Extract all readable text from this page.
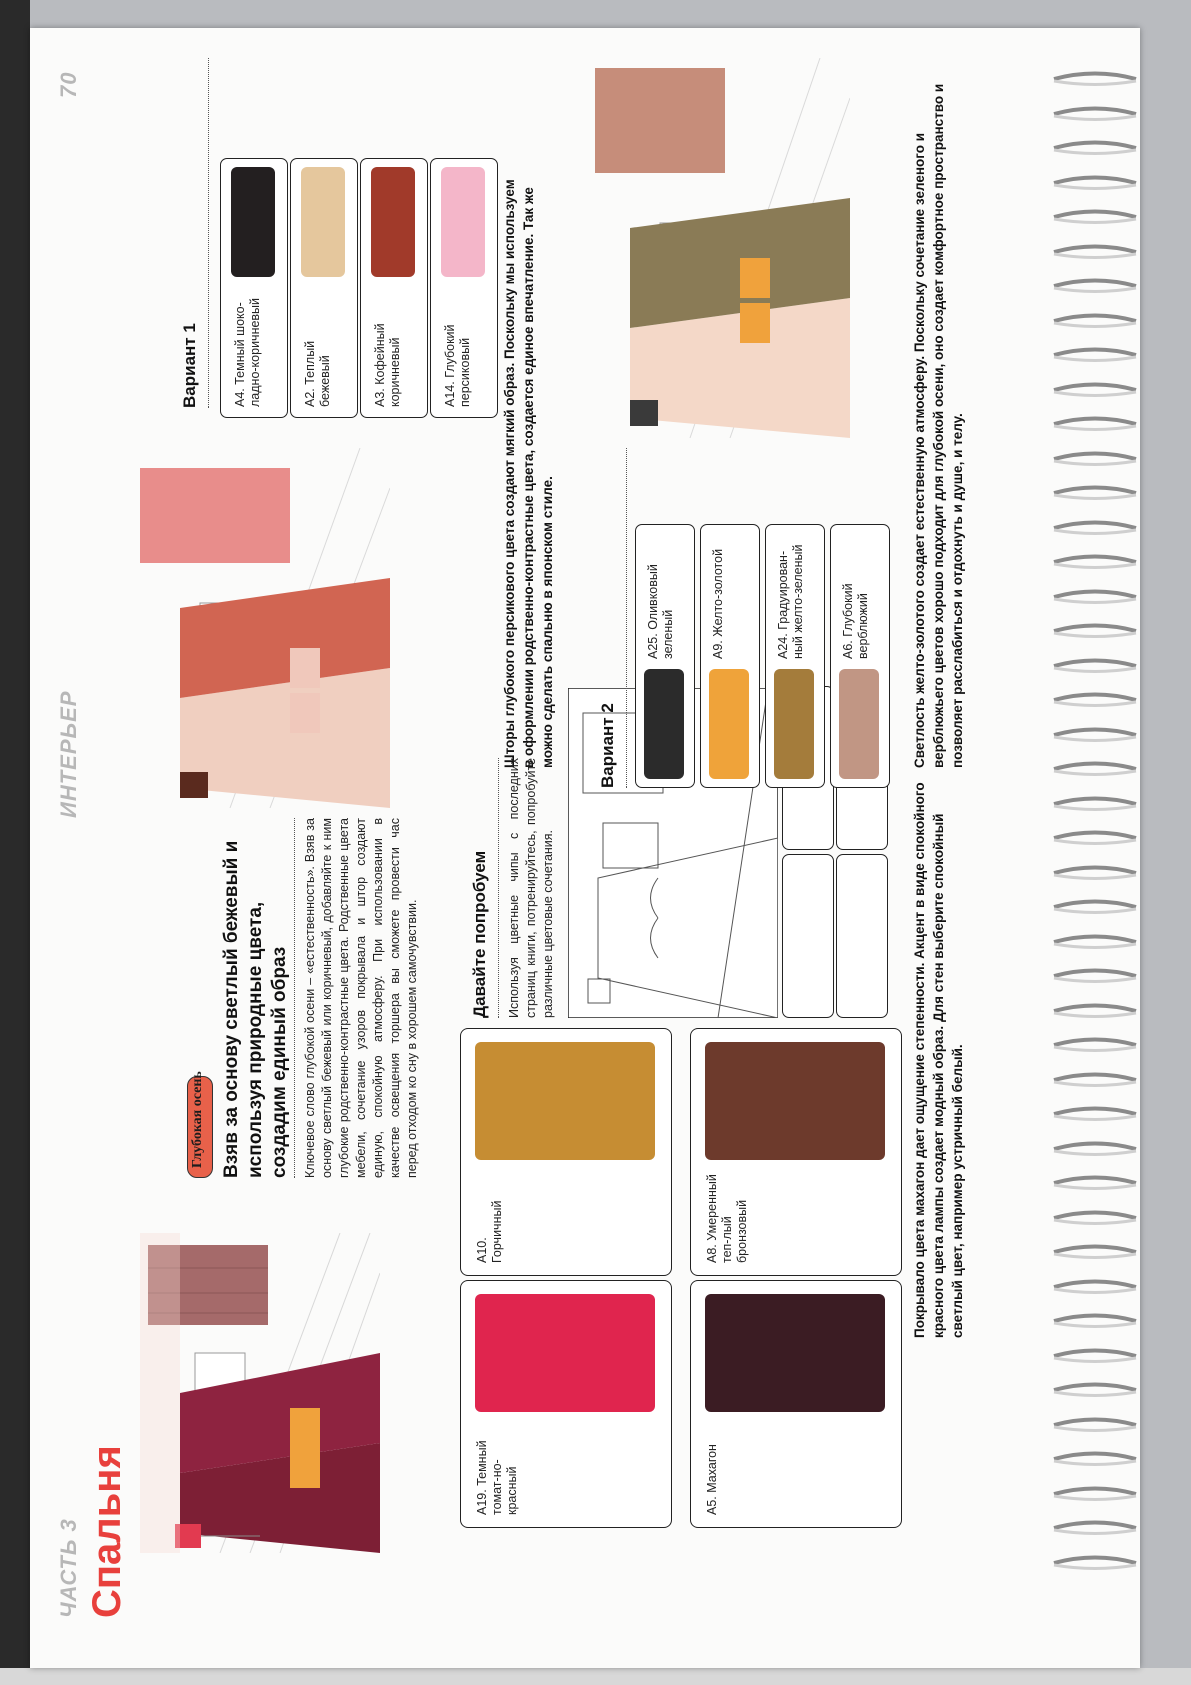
ЧАСТЬ 3
ИНТЕРЬЕР
70
Спальня
Глубокая осень Взяв за основу светлый бежевый и используя природные цвета, создадим единый образ Ключевое слово глубокой осени – «естественность». Взяв за основу светлый бежевый или коричневый, добавляйте к ним глубокие родственно-контрастные цвета. Родственные цвета мебели, сочетание узоров покрывала и штор создают единую, спокойную атмосферу. При использовании в качестве освещения торшера вы сможете провести час перед отходом ко сну в хорошем самочувствии.
Вариант 1	A4. Темный шоко-ладно-коричневый	A2. Теплый бежевый	A3. Кофейный коричневый	A14. Глубокий персиковый Шторы глубокого персикового цвета создают мягкий образ. Поскольку мы используем в оформлении родственно-контрастные цвета, создается единое впечатление. Так же можно сделать спальню в японском стиле.
A19. Темный томат-но-красный
A10. Горчичный
A5. Махагон
A8. Умеренный теп-лый бронзовый
Давайте попробуем Используя цветные чипы с последних страниц книги, потренируйтесь, попробуйте различные цветовые сочетания.
Вариант 2
A25. Оливковый зеленый	A9. Желто-золотой
A24. Градуирован-ный желто-зеленый	A6. Глубокий верблюжий
Покрывало цвета махагон дает ощущение степенности. Акцент в виде спокойного красного цвета лампы создает модный образ. Для стен выберите спокойный светлый цвет, например устричный белый.
Светлость желто-золотого создает естественную атмосферу. Поскольку сочетание зеленого и верблюжьего цветов хорошо подходит для глубокой осени, оно создает комфортное пространство и позволяет расслабиться и отдохнуть и душе, и телу.
